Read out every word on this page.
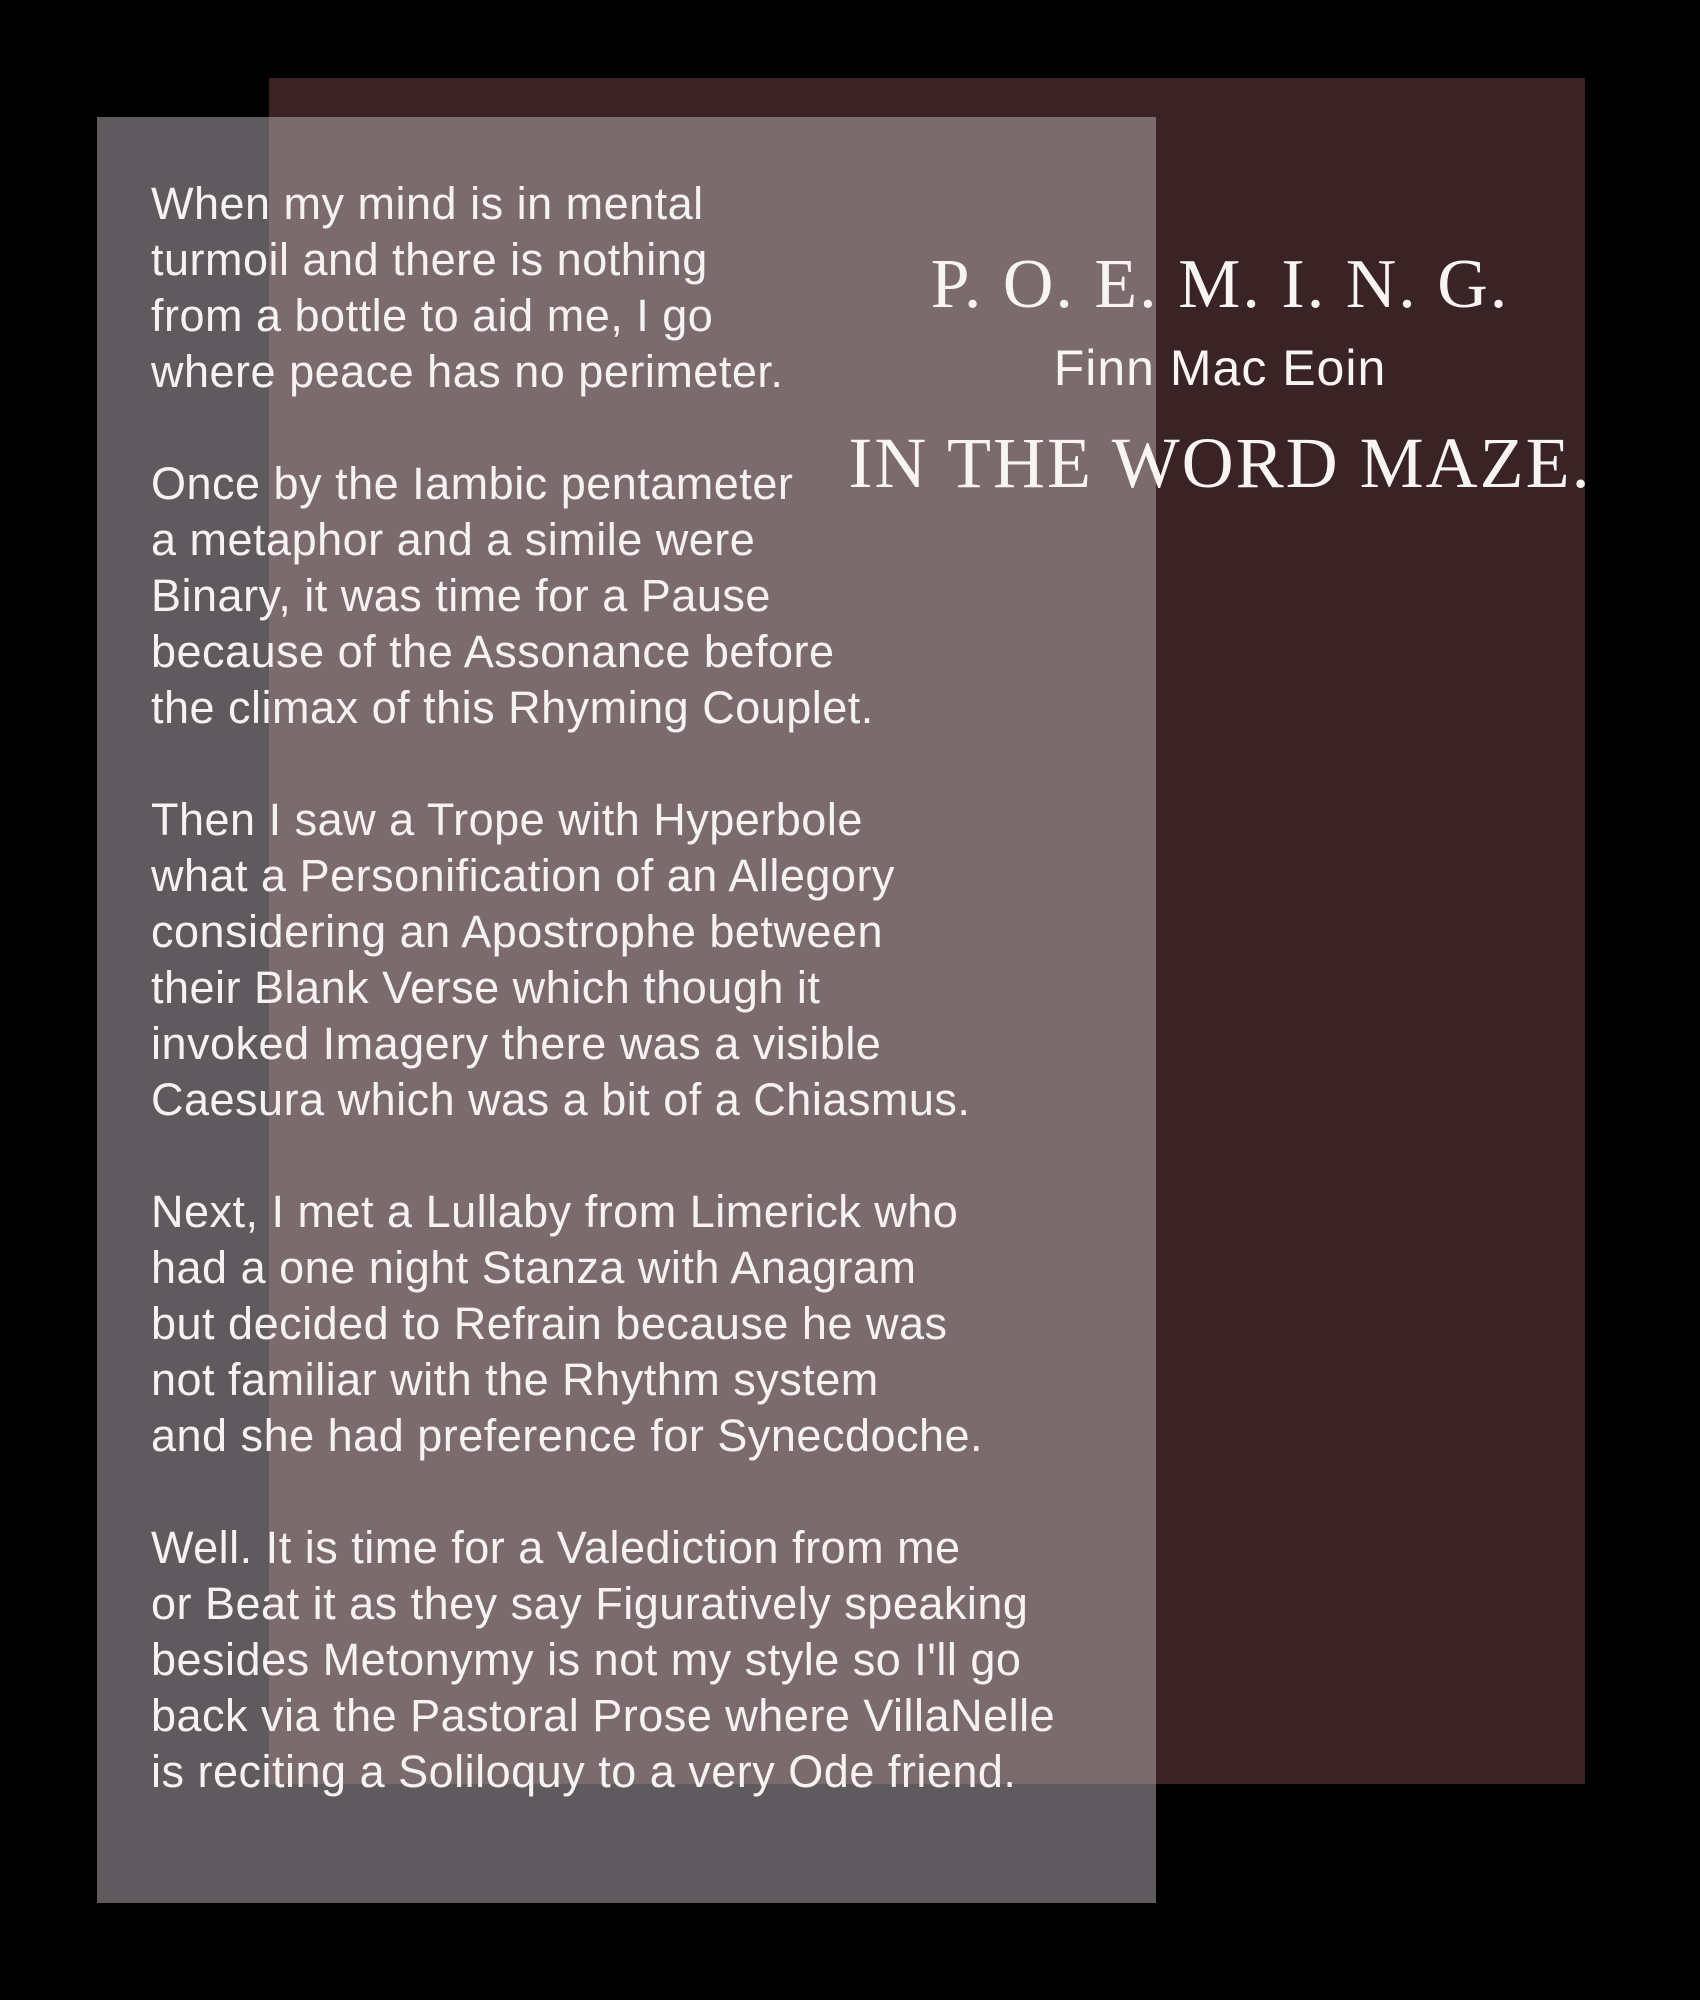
When my mind is in mental
turmoil and there is nothing
from a bottle to aid me, I go
where peace has no perimeter.

Once by the Iambic pentameter
a metaphor and a simile were
Binary, it was time for a Pause
because of the Assonance before
the climax of this Rhyming Couplet.

Then I saw a Trope with Hyperbole
what a Personification of an Allegory
considering an Apostrophe between
their Blank Verse which though it
invoked Imagery there was a visible
Caesura which was a bit of a Chiasmus.

Next, I met a Lullaby from Limerick who
had a one night Stanza with Anagram
but decided to Refrain because he was
not familiar with the Rhythm system
and she had preference for Synecdoche.

Well. It is time for a Valediction from me
or Beat it as they say Figuratively speaking
besides Metonymy is not my style so I'll go
back via the Pastoral Prose where VillaNelle
is reciting a Soliloquy to a very Ode friend.

P. O. E. M. I. N. G.
Finn Mac Eoin
IN THE WORD MAZE.
